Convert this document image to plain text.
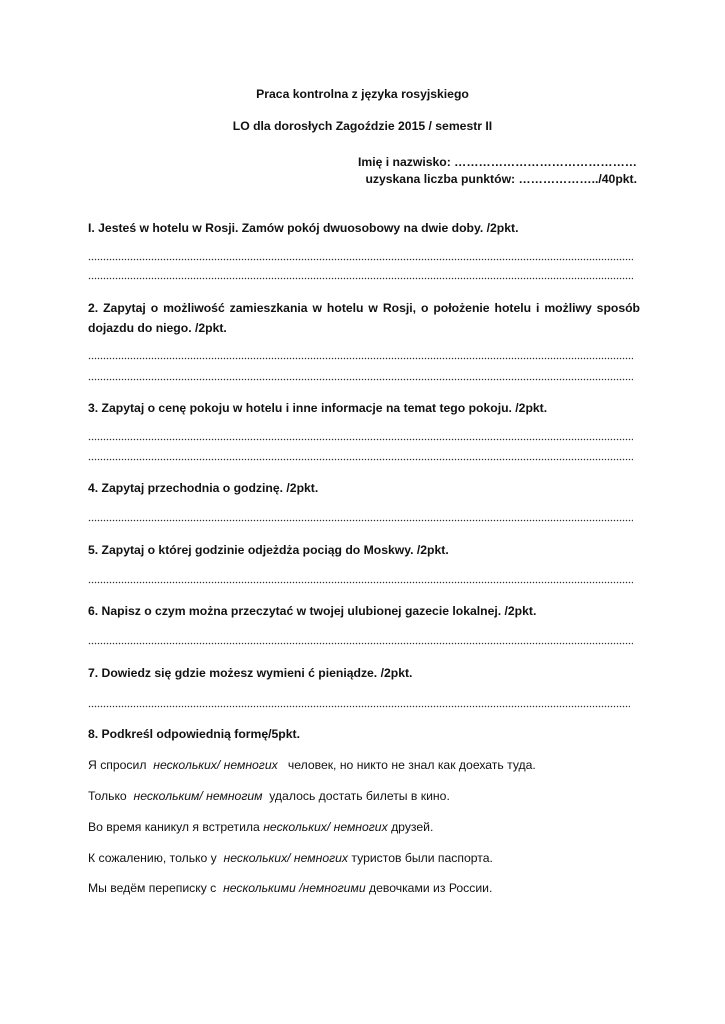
Praca kontrolna z języka rosyjskiego
LO dla dorosłych Zagoździe 2015 / semestr II
Imię i nazwisko: ………………………………………
uzyskana liczba punktów: ………………../40pkt.
I. Jesteś w hotelu w Rosji. Zamów pokój dwuosobowy na dwie doby. /2pkt.
2. Zapytaj o możliwość zamieszkania w hotelu w Rosji, o położenie hotelu i możliwy sposób dojazdu do niego. /2pkt.
3. Zapytaj o cenę pokoju w hotelu i inne informacje na temat tego pokoju. /2pkt.
4. Zapytaj przechodnia o godzinę. /2pkt.
5. Zapytaj o której godzinie odjeżdża pociąg do Moskwy. /2pkt.
6. Napisz o czym można przeczytać w twojej ulubionej gazecie lokalnej. /2pkt.
7. Dowiedz się gdzie możesz wymieni ć pieniądze. /2pkt.
8. Podkreśl odpowiednią formę/5pkt.
Я спросил  нескольких/ немногих   человек, но никто не знал как доехать туда.
Только  нескольким/ немногим  удалось достать билеты в кино.
Во время каникул я встретила нескольких/ немногих друзей.
К сожалению, только у  нескольких/ немногих туристов были паспорта.
Мы ведём переписку с  несколькими /немногими девочками из России.
